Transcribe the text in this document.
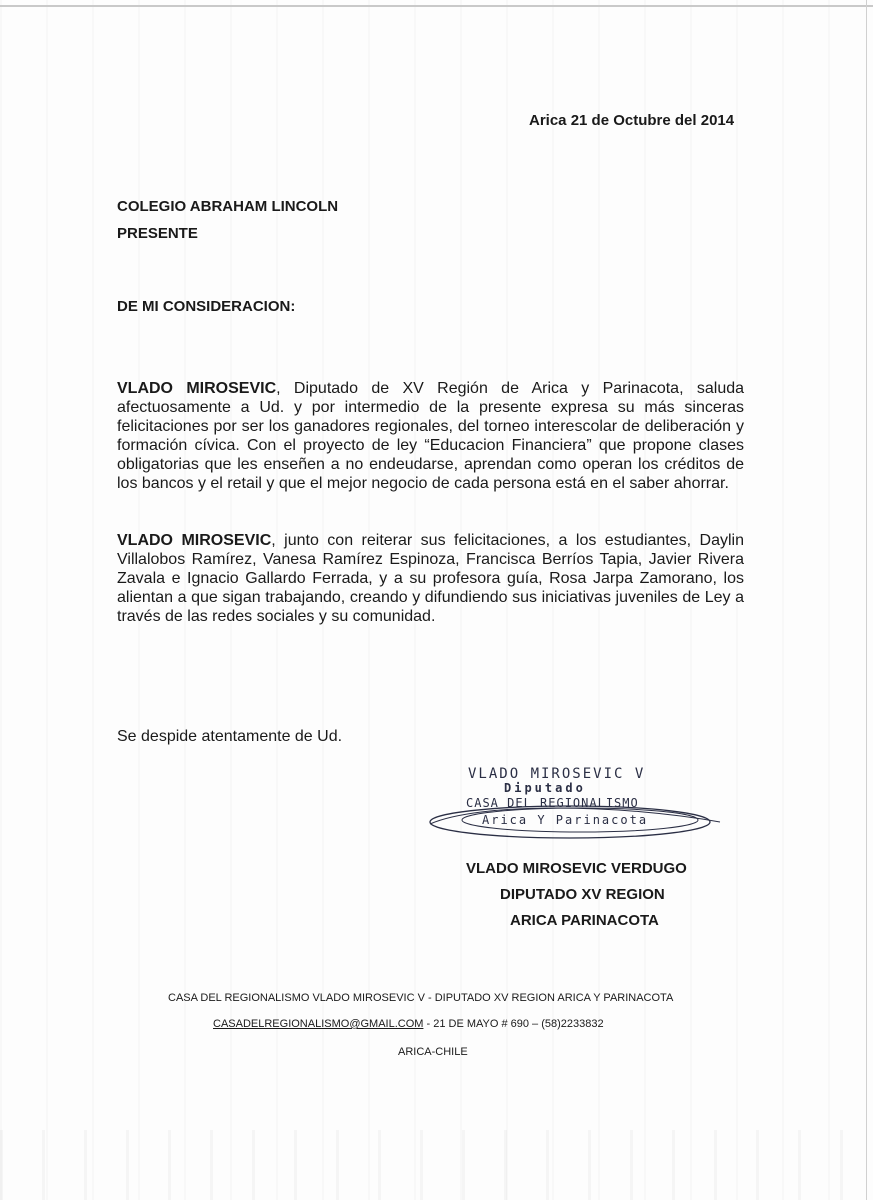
Arica 21 de Octubre del 2014
COLEGIO ABRAHAM LINCOLN
PRESENTE
DE MI CONSIDERACION:
VLADO MIROSEVIC, Diputado de XV Región de Arica y Parinacota, saluda afectuosamente a Ud. y por intermedio de la presente expresa su más sinceras felicitaciones por ser los ganadores regionales, del torneo interescolar de deliberación y formación cívica. Con el proyecto de ley “Educacion Financiera” que propone clases obligatorias que les enseñen a no endeudarse, aprendan como operan los créditos de los bancos y el retail y que el mejor negocio de cada persona está en el saber ahorrar.
VLADO MIROSEVIC, junto con reiterar sus felicitaciones, a los estudiantes, Daylin Villalobos Ramírez, Vanesa Ramírez Espinoza, Francisca Berríos Tapia, Javier Rivera Zavala e Ignacio Gallardo Ferrada, y a su profesora guía, Rosa Jarpa Zamorano, los alientan a que sigan trabajando, creando y difundiendo sus iniciativas juveniles de Ley a través de las redes sociales y su comunidad.
Se despide atentamente de Ud.
VLADO MIROSEVIC V
Diputado
CASA DEL REGIONALISMO
Arica Y Parinacota
VLADO MIROSEVIC VERDUGO
DIPUTADO XV REGION
ARICA PARINACOTA
CASA DEL REGIONALISMO VLADO MIROSEVIC V - DIPUTADO XV REGION ARICA Y PARINACOTA
CASADELREGIONALISMO@GMAIL.COM - 21 DE MAYO # 690 – (58)2233832
ARICA-CHILE
